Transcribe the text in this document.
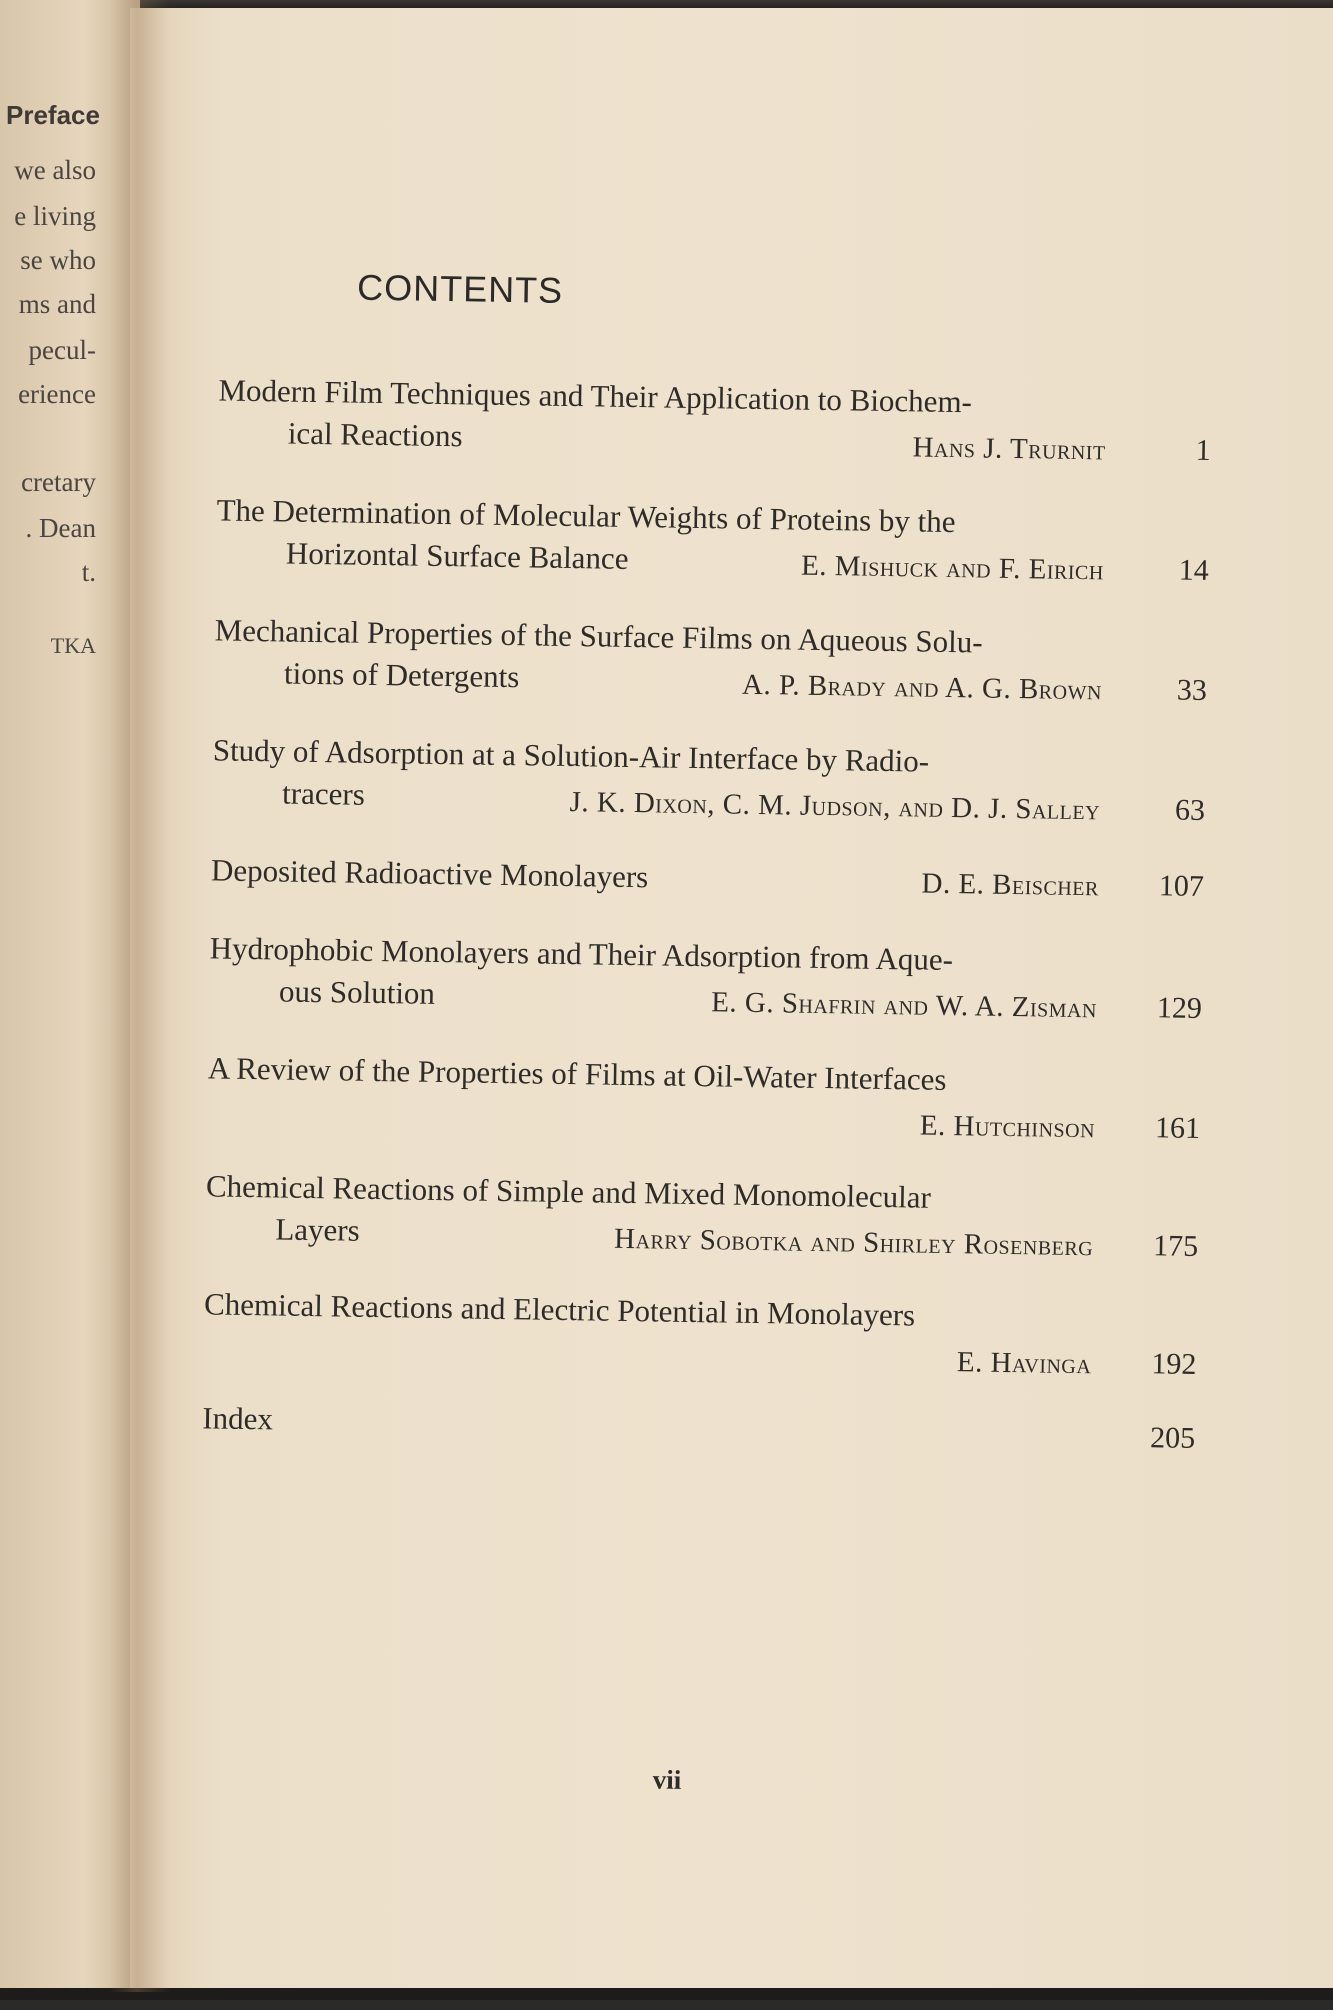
Preface
we also
e living
se who
ms and
pecul-
erience
cretary
. Dean
t.
TKA
CONTENTS
Modern Film Techniques and Their Application to Biochem-
ical Reactions	Hans J. Trurnit	1
The Determination of Molecular Weights of Proteins by the
Horizontal Surface Balance	E. Mishuck and F. Eirich 14
Mechanical Properties of the Surface Films on Aqueous Solu-
tions of Detergents	A. P. Brady and A. G. Brown 33
Study of Adsorption at a Solution-Air Interface by Radio-
tracers	J. K. Dixon, C. M. Judson, and D. J. Salley 63
Deposited Radioactive Monolayers	D. E. Beischer 107
Hydrophobic Monolayers and Their Adsorption from Aque-
ous Solution	E. G. Shafrin and W. A. Zisman 129
A Review of the Properties of Films at Oil-Water Interfaces
E. Hutchinson 161
Chemical Reactions of Simple and Mixed Monomolecular
Layers	Harry Sobotka and Shirley Rosenberg 175
Chemical Reactions and Electric Potential in Monolayers
E. Havinga 192
Index
205
vii
